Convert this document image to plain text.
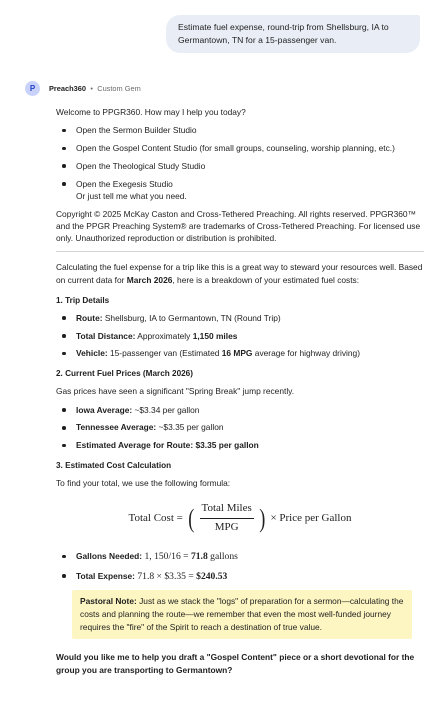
Estimate fuel expense, round-trip from Shellsburg, IA to Germantown, TN for a 15-passenger van.
P	Preach360 • Custom Gem

Welcome to PPGR360. How may I help you today?

Open the Sermon Builder Studio
Open the Gospel Content Studio (for small groups, counseling, worship planning, etc.)
Open the Theological Study Studio
Open the Exegesis Studio
Or just tell me what you need.

Copyright © 2025 McKay Caston and Cross-Tethered Preaching. All rights reserved. PPGR360™ and the PPGR Preaching System® are trademarks of Cross-Tethered Preaching. For licensed use only. Unauthorized reproduction or distribution is prohibited.

Calculating the fuel expense for a trip like this is a great way to steward your resources well. Based on current data for March 2026, here is a breakdown of your estimated fuel costs:

1. Trip Details
Route: Shellsburg, IA to Germantown, TN (Round Trip)
Total Distance: Approximately 1,150 miles
Vehicle: 15-passenger van (Estimated 16 MPG average for highway driving)
2. Current Fuel Prices (March 2026)

Gas prices have seen a significant "Spring Break" jump recently.

Iowa Average: ~$3.34 per gallon
Tennessee Average: ~$3.35 per gallon
Estimated Average for Route: $3.35 per gallon
3. Estimated Cost Calculation

To find your total, we use the following formula:

Total Cost = ( $\frac{\text{Total Miles}}{\text{MPG}}$ ) × Price per Gallon
Gallons Needed: 1, 150/16 = 71.8 gallons
Total Expense: 71.8 × $3.35 = $240.53
Pastoral Note: Just as we stack the "logs" of preparation for a sermon—calculating the costs and planning the route—we remember that even the most well-funded journey requires the "fire" of the Spirit to reach a destination of true value.

Would you like me to help you draft a "Gospel Content" piece or a short devotional for the group you are transporting to Germantown?
